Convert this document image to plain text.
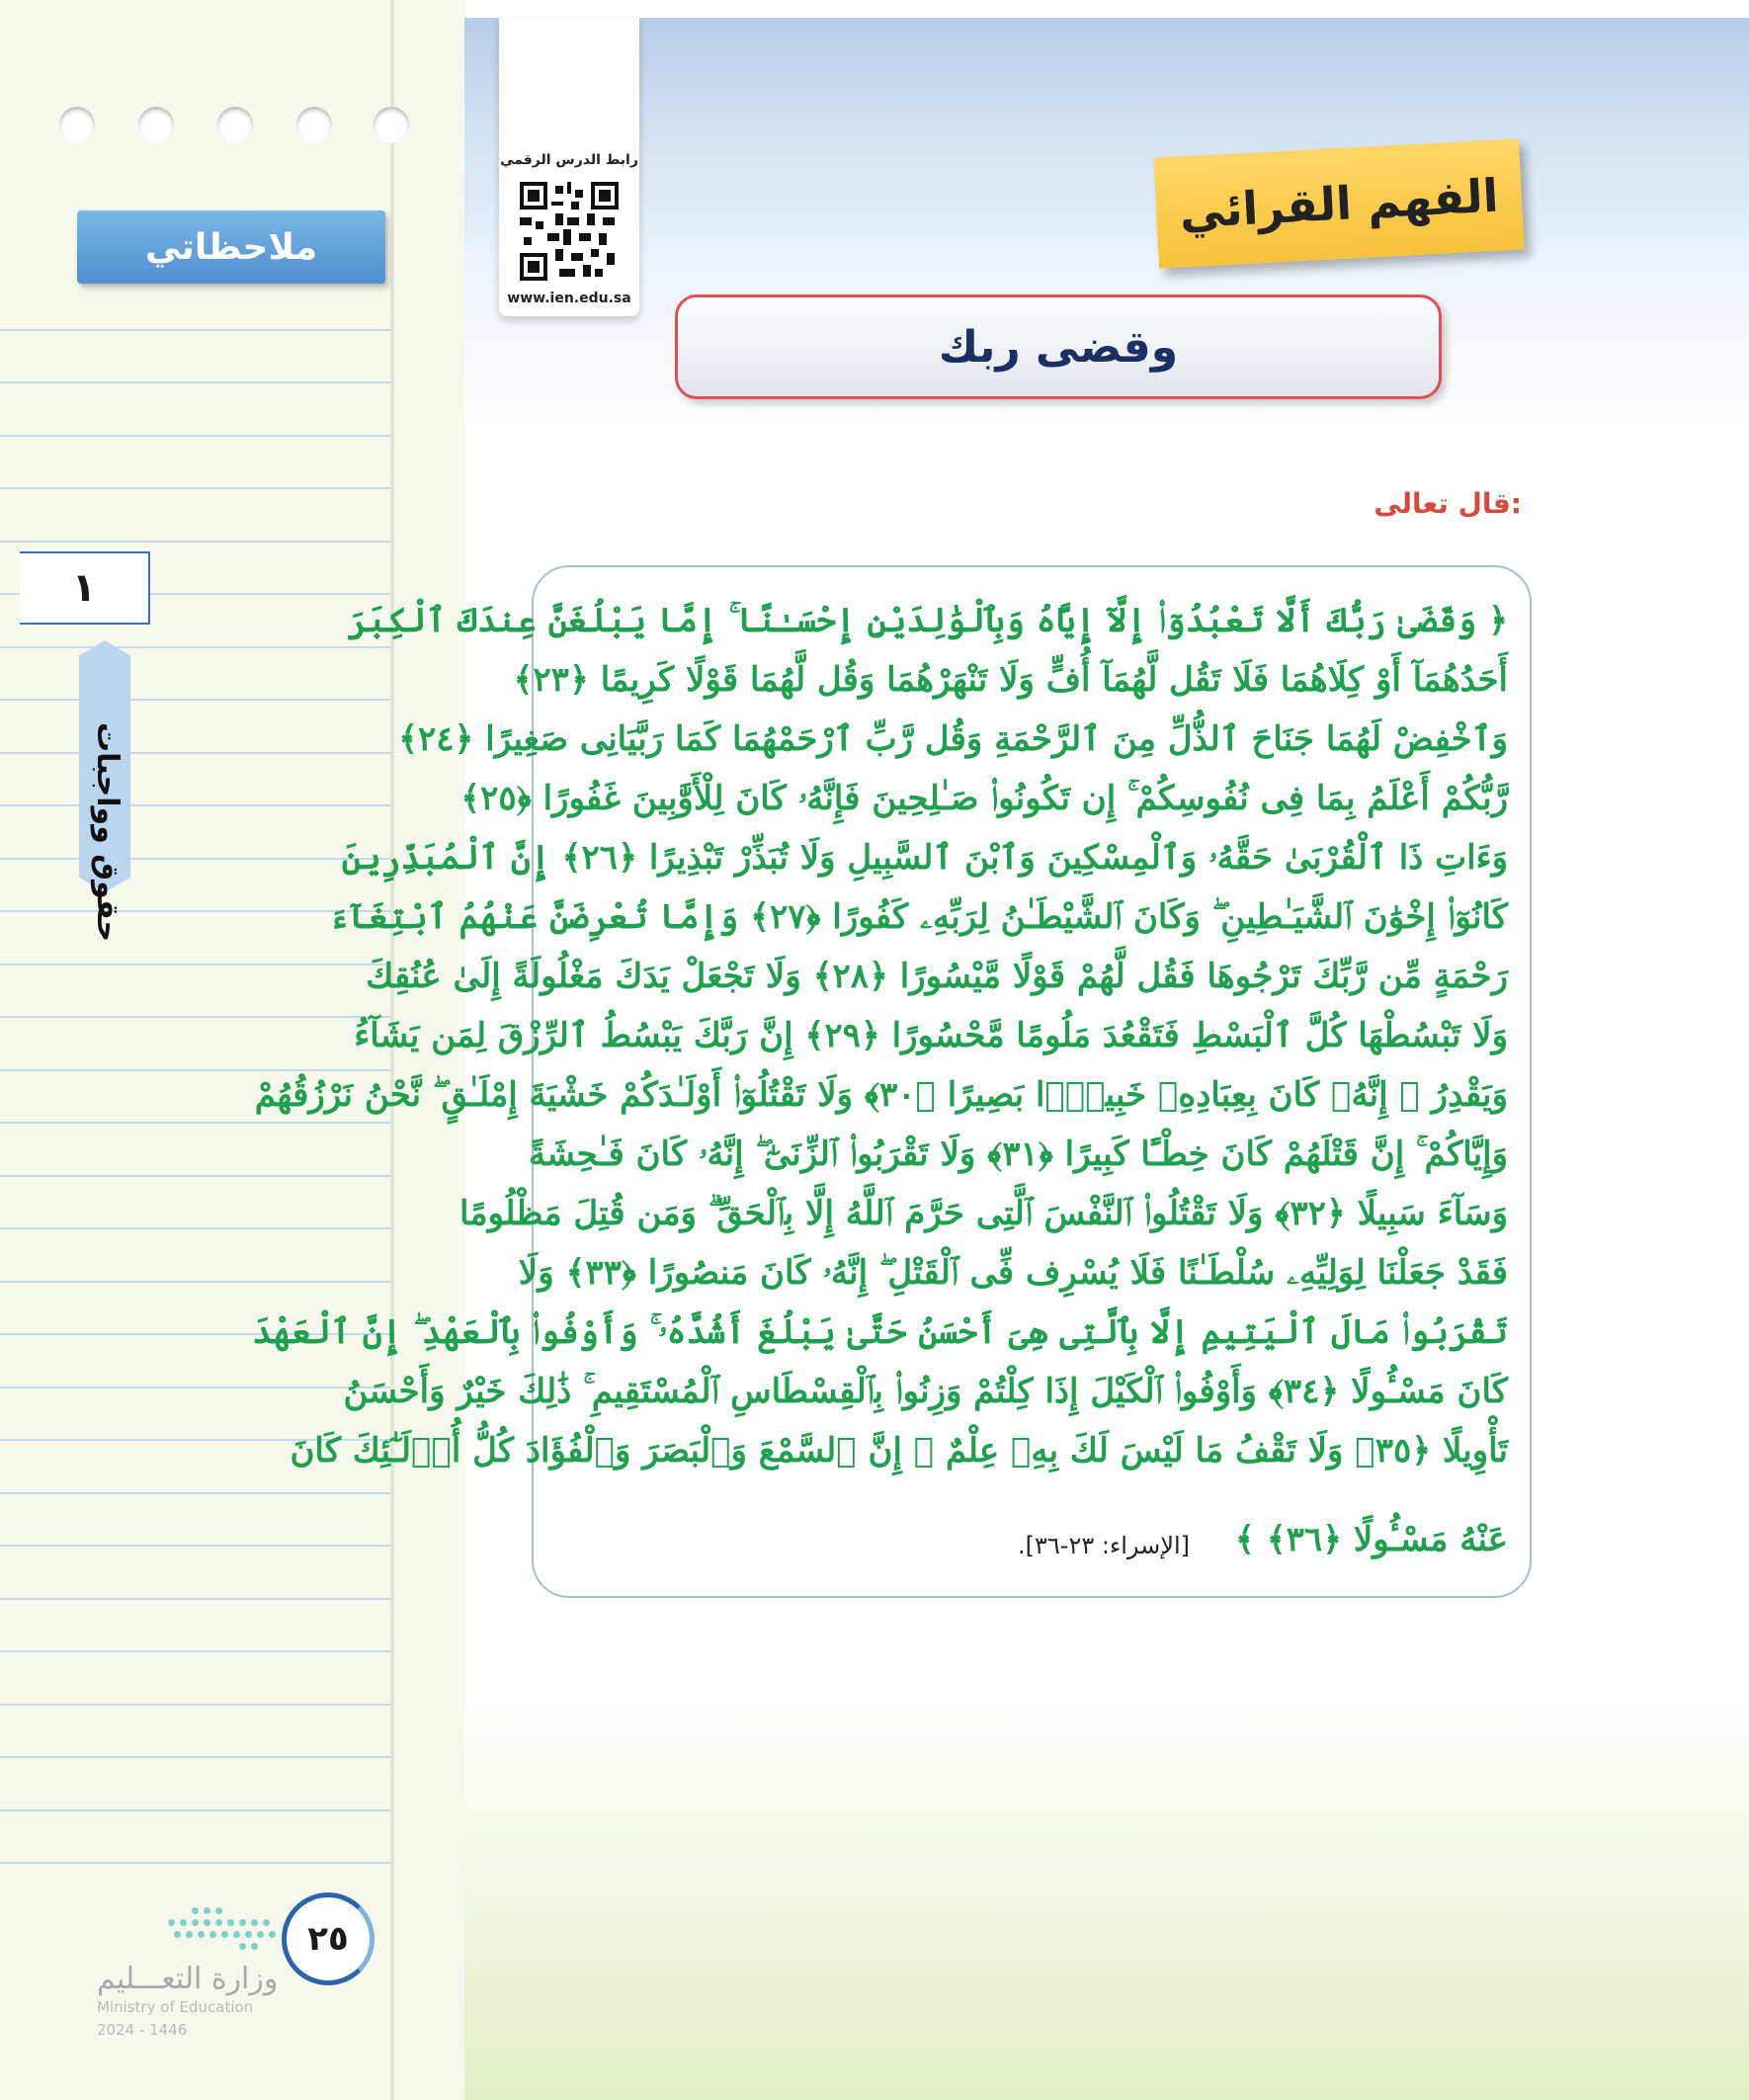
ملاحظاتي
١
٢٥
وزارة التعـــليم
Ministry of Education
2024 - 1446
رابط الدرس الرقمي
www.ien.edu.sa
الفهم القرائي
وقضى ربك
قال تعالى:
﴿ وَقَضَىٰ رَبُّكَ أَلَّا تَعْبُدُوٓا۟ إِلَّآ إِيَّاهُ وَبِٱلْوَٰلِدَيْنِ إِحْسَـٰنًا ۚ إِمَّا يَبْلُغَنَّ عِندَكَ ٱلْكِبَرَ
أَحَدُهُمَآ أَوْ كِلَاهُمَا فَلَا تَقُل لَّهُمَآ أُفٍّ وَلَا تَنْهَرْهُمَا وَقُل لَّهُمَا قَوْلًا كَرِيمًا ﴿٢٣﴾
وَٱخْفِضْ لَهُمَا جَنَاحَ ٱلذُّلِّ مِنَ ٱلرَّحْمَةِ وَقُل رَّبِّ ٱرْحَمْهُمَا كَمَا رَبَّيَانِى صَغِيرًا ﴿٢٤﴾
رَّبُّكُمْ أَعْلَمُ بِمَا فِى نُفُوسِكُمْ ۚ إِن تَكُونُوا۟ صَـٰلِحِينَ فَإِنَّهُۥ كَانَ لِلْأَوَّٰبِينَ غَفُورًا ﴿٢٥﴾
وَءَاتِ ذَا ٱلْقُرْبَىٰ حَقَّهُۥ وَٱلْمِسْكِينَ وَٱبْنَ ٱلسَّبِيلِ وَلَا تُبَذِّرْ تَبْذِيرًا ﴿٢٦﴾ إِنَّ ٱلْمُبَذِّرِينَ
كَانُوٓا۟ إِخْوَٰنَ ٱلشَّيَـٰطِينِ ۖ وَكَانَ ٱلشَّيْطَـٰنُ لِرَبِّهِۦ كَفُورًا ﴿٢٧﴾ وَإِمَّا تُعْرِضَنَّ عَنْهُمُ ٱبْتِغَآءَ
رَحْمَةٍ مِّن رَّبِّكَ تَرْجُوهَا فَقُل لَّهُمْ قَوْلًا مَّيْسُورًا ﴿٢٨﴾ وَلَا تَجْعَلْ يَدَكَ مَغْلُولَةً إِلَىٰ عُنُقِكَ
وَلَا تَبْسُطْهَا كُلَّ ٱلْبَسْطِ فَتَقْعُدَ مَلُومًا مَّحْسُورًا ﴿٢٩﴾ إِنَّ رَبَّكَ يَبْسُطُ ٱلرِّزْقَ لِمَن يَشَآءُ
وَيَقْدِرُ ۚ إِنَّهُۥ كَانَ بِعِبَادِهِۦ خَبِيرًۢا بَصِيرًا ﴿٣٠﴾ وَلَا تَقْتُلُوٓا۟ أَوْلَـٰدَكُمْ خَشْيَةَ إِمْلَـٰقٍ ۖ نَّحْنُ نَرْزُقُهُمْ
وَإِيَّاكُمْ ۚ إِنَّ قَتْلَهُمْ كَانَ خِطْـًٔا كَبِيرًا ﴿٣١﴾ وَلَا تَقْرَبُوا۟ ٱلزِّنَىٰٓ ۖ إِنَّهُۥ كَانَ فَـٰحِشَةً
وَسَآءَ سَبِيلًا ﴿٣٢﴾ وَلَا تَقْتُلُوا۟ ٱلنَّفْسَ ٱلَّتِى حَرَّمَ ٱللَّهُ إِلَّا بِٱلْحَقِّ ۗ وَمَن قُتِلَ مَظْلُومًا
فَقَدْ جَعَلْنَا لِوَلِيِّهِۦ سُلْطَـٰنًا فَلَا يُسْرِف فِّى ٱلْقَتْلِ ۖ إِنَّهُۥ كَانَ مَنصُورًا ﴿٣٣﴾ وَلَا
تَقْرَبُوا۟ مَالَ ٱلْيَتِيمِ إِلَّا بِٱلَّتِى هِىَ أَحْسَنُ حَتَّىٰ يَبْلُغَ أَشُدَّهُۥ ۚ وَأَوْفُوا۟ بِٱلْعَهْدِ ۖ إِنَّ ٱلْعَهْدَ
كَانَ مَسْـُٔولًا ﴿٣٤﴾ وَأَوْفُوا۟ ٱلْكَيْلَ إِذَا كِلْتُمْ وَزِنُوا۟ بِٱلْقِسْطَاسِ ٱلْمُسْتَقِيمِ ۚ ذَٰلِكَ خَيْرٌ وَأَحْسَنُ
تَأْوِيلًا ﴿٣٥﴾ وَلَا تَقْفُ مَا لَيْسَ لَكَ بِهِۦ عِلْمٌ ۚ إِنَّ ٱلسَّمْعَ وَٱلْبَصَرَ وَٱلْفُؤَادَ كُلُّ أُو۟لَـٰٓئِكَ كَانَ
عَنْهُ مَسْـُٔولًا ﴿٣٦﴾ ﴾
[الإسراء: ٢٣-٣٦].
